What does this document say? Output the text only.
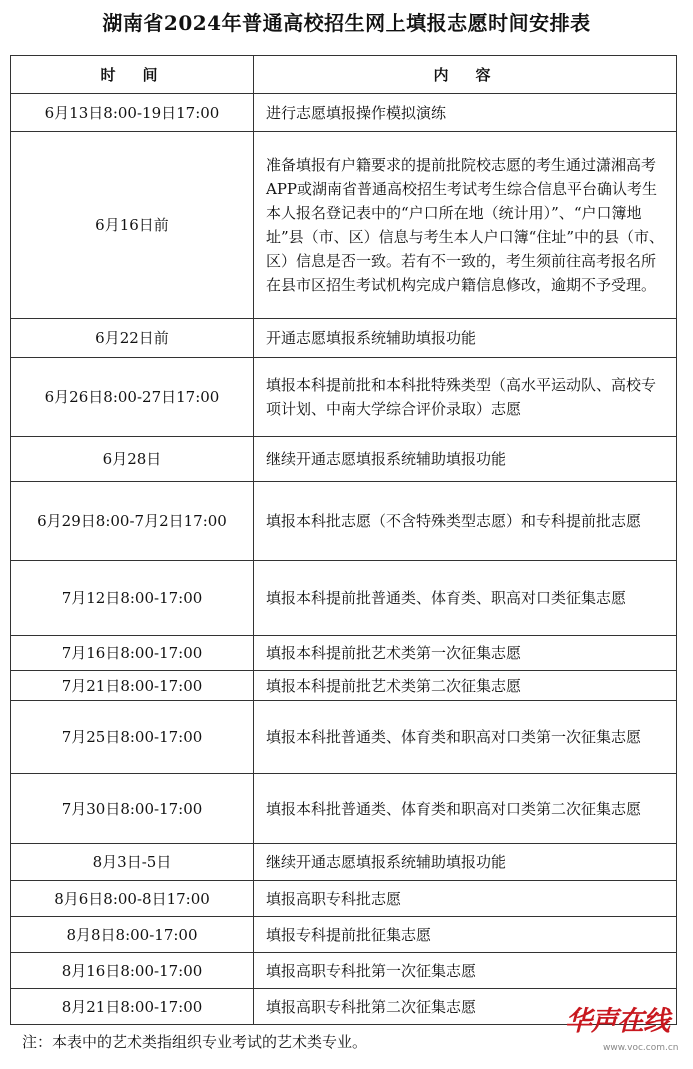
湖南省2024年普通高校招生网上填报志愿时间安排表
时　间	内　容
6月13日8:00-19日17:00	进行志愿填报操作模拟演练
6月16日前	准备填报有户籍要求的提前批院校志愿的考生通过潇湘高考APP或湖南省普通高校招生考试考生综合信息平台确认考生本人报名登记表中的“户口所在地（统计用）”、“户口簿地址”县（市、区）信息与考生本人户口簿“住址”中的县（市、区）信息是否一致。若有不一致的，考生须前往高考报名所在县市区招生考试机构完成户籍信息修改，逾期不予受理。
6月22日前	开通志愿填报系统辅助填报功能
6月26日8:00-27日17:00	填报本科提前批和本科批特殊类型（高水平运动队、高校专项计划、中南大学综合评价录取）志愿
6月28日	继续开通志愿填报系统辅助填报功能
6月29日8:00-7月2日17:00	填报本科批志愿（不含特殊类型志愿）和专科提前批志愿
7月12日8:00-17:00	填报本科提前批普通类、体育类、职高对口类征集志愿
7月16日8:00-17:00	填报本科提前批艺术类第一次征集志愿
7月21日8:00-17:00	填报本科提前批艺术类第二次征集志愿
7月25日8:00-17:00	填报本科批普通类、体育类和职高对口类第一次征集志愿
7月30日8:00-17:00	填报本科批普通类、体育类和职高对口类第二次征集志愿
8月3日-5日	继续开通志愿填报系统辅助填报功能
8月6日8:00-8日17:00	填报高职专科批志愿
8月8日8:00-17:00	填报专科提前批征集志愿
8月16日8:00-17:00	填报高职专科批第一次征集志愿
8月21日8:00-17:00	填报高职专科批第二次征集志愿
注：本表中的艺术类指组织专业考试的艺术类专业。
华声在线
www.voc.com.cn
